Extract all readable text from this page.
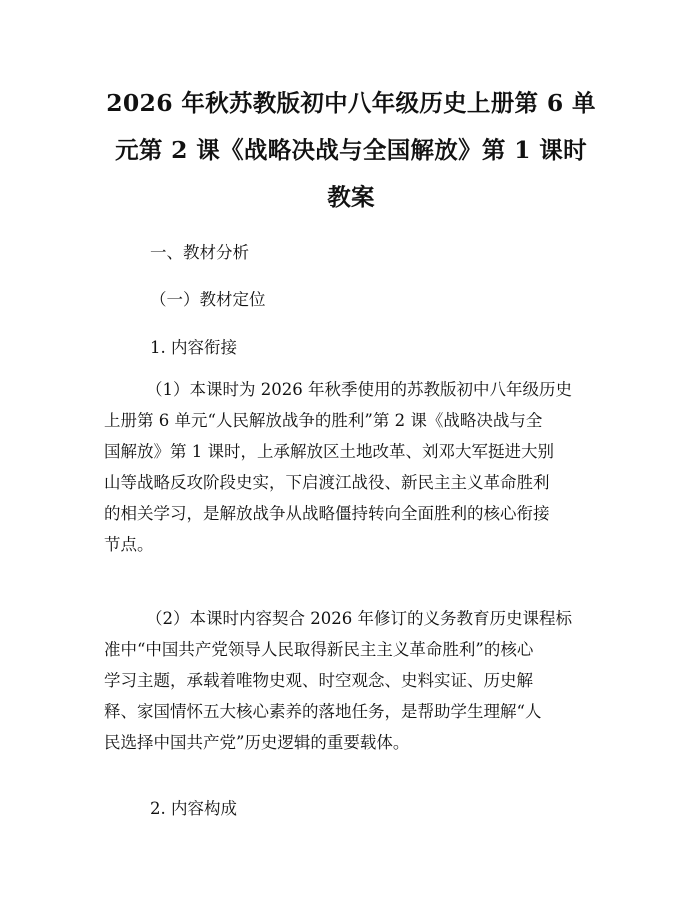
2026 年秋苏教版初中八年级历史上册第 6 单
元第 2 课《战略决战与全国解放》第 1 课时
教案
一、教材分析
（一）教材定位
1. 内容衔接
（1）本课时为 2026 年秋季使用的苏教版初中八年级历史
上册第 6 单元“人民解放战争的胜利”第 2 课《战略决战与全
国解放》第 1 课时，上承解放区土地改革、刘邓大军挺进大别
山等战略反攻阶段史实，下启渡江战役、新民主主义革命胜利
的相关学习，是解放战争从战略僵持转向全面胜利的核心衔接
节点。
（2）本课时内容契合 2026 年修订的义务教育历史课程标
准中“中国共产党领导人民取得新民主主义革命胜利”的核心
学习主题，承载着唯物史观、时空观念、史料实证、历史解
释、家国情怀五大核心素养的落地任务，是帮助学生理解“人
民选择中国共产党”历史逻辑的重要载体。
2. 内容构成
